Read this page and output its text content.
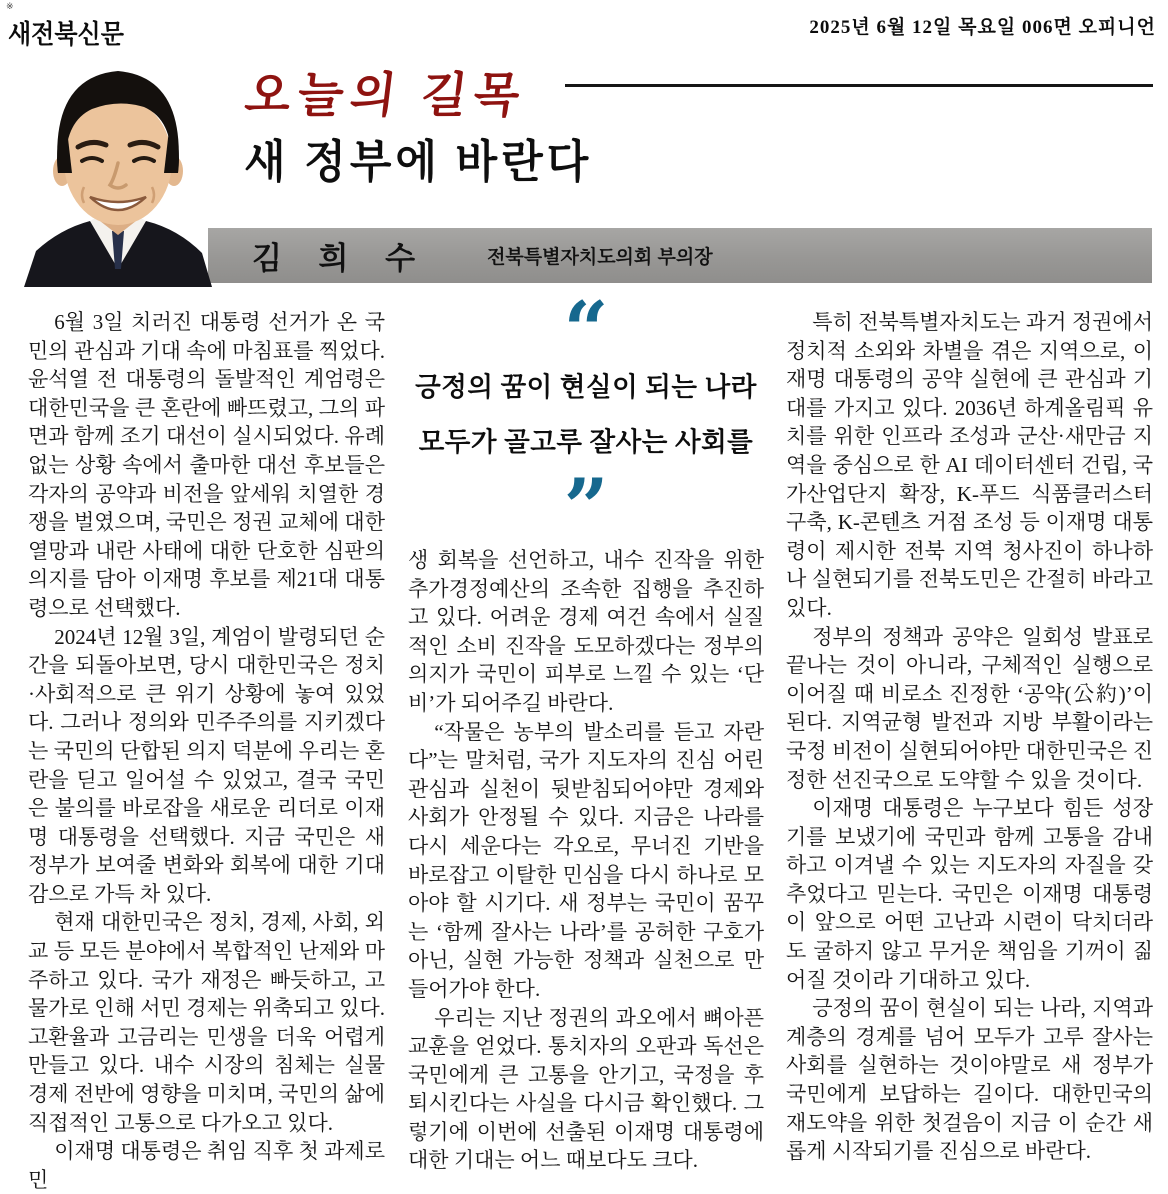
※
새전북신문	2025년 6월 12일 목요일 006면 오피니언
오늘의 길목
새 정부에 바란다
김 희 수	전북특별자치도의회 부의장

6월 3일 치러진 대통령 선거가 온 국민의 관심과 기대 속에 마침표를 찍었다. 윤석열 전 대통령의 돌발적인 계엄령은 대한민국을 큰 혼란에 빠뜨렸고, 그의 파면과 함께 조기 대선이 실시되었다. 유례없는 상황 속에서 출마한 대선 후보들은 각자의 공약과 비전을 앞세워 치열한 경쟁을 벌였으며, 국민은 정권 교체에 대한 열망과 내란 사태에 대한 단호한 심판의 의지를 담아 이재명 후보를 제21대 대통령으로 선택했다.

2024년 12월 3일, 계엄이 발령되던 순간을 되돌아보면, 당시 대한민국은 정치·사회적으로 큰 위기 상황에 놓여 있었다. 그러나 정의와 민주주의를 지키겠다는 국민의 단합된 의지 덕분에 우리는 혼란을 딛고 일어설 수 있었고, 결국 국민은 불의를 바로잡을 새로운 리더로 이재명 대통령을 선택했다. 지금 국민은 새 정부가 보여줄 변화와 회복에 대한 기대감으로 가득 차 있다.

현재 대한민국은 정치, 경제, 사회, 외교 등 모든 분야에서 복합적인 난제와 마주하고 있다. 국가 재정은 빠듯하고, 고물가로 인해 서민 경제는 위축되고 있다. 고환율과 고금리는 민생을 더욱 어렵게 만들고 있다. 내수 시장의 침체는 실물 경제 전반에 영향을 미치며, 국민의 삶에 직접적인 고통으로 다가오고 있다.

이재명 대통령은 취임 직후 첫 과제로 민

“
긍정의 꿈이 현실이 되는 나라
모두가 골고루 잘사는 사회를
”

생 회복을 선언하고, 내수 진작을 위한 추가경정예산의 조속한 집행을 추진하고 있다. 어려운 경제 여건 속에서 실질적인 소비 진작을 도모하겠다는 정부의 의지가 국민이 피부로 느낄 수 있는 ‘단비’가 되어주길 바란다.

“작물은 농부의 발소리를 듣고 자란다”는 말처럼, 국가 지도자의 진심 어린 관심과 실천이 뒷받침되어야만 경제와 사회가 안정될 수 있다. 지금은 나라를 다시 세운다는 각오로, 무너진 기반을 바로잡고 이탈한 민심을 다시 하나로 모아야 할 시기다. 새 정부는 국민이 꿈꾸는 ‘함께 잘사는 나라’를 공허한 구호가 아닌, 실현 가능한 정책과 실천으로 만들어가야 한다.

우리는 지난 정권의 과오에서 뼈아픈 교훈을 얻었다. 통치자의 오판과 독선은 국민에게 큰 고통을 안기고, 국정을 후퇴시킨다는 사실을 다시금 확인했다. 그렇기에 이번에 선출된 이재명 대통령에 대한 기대는 어느 때보다도 크다.

특히 전북특별자치도는 과거 정권에서 정치적 소외와 차별을 겪은 지역으로, 이재명 대통령의 공약 실현에 큰 관심과 기대를 가지고 있다. 2036년 하계올림픽 유치를 위한 인프라 조성과 군산·새만금 지역을 중심으로 한 AI 데이터센터 건립, 국가산업단지 확장, K-푸드 식품클러스터 구축, K-콘텐츠 거점 조성 등 이재명 대통령이 제시한 전북 지역 청사진이 하나하나 실현되기를 전북도민은 간절히 바라고 있다.

정부의 정책과 공약은 일회성 발표로 끝나는 것이 아니라, 구체적인 실행으로 이어질 때 비로소 진정한 ‘공약(公約)’이 된다. 지역균형 발전과 지방 부활이라는 국정 비전이 실현되어야만 대한민국은 진정한 선진국으로 도약할 수 있을 것이다.

이재명 대통령은 누구보다 힘든 성장기를 보냈기에 국민과 함께 고통을 감내하고 이겨낼 수 있는 지도자의 자질을 갖추었다고 믿는다. 국민은 이재명 대통령이 앞으로 어떤 고난과 시련이 닥치더라도 굴하지 않고 무거운 책임을 기꺼이 짊어질 것이라 기대하고 있다.

긍정의 꿈이 현실이 되는 나라, 지역과 계층의 경계를 넘어 모두가 고루 잘사는 사회를 실현하는 것이야말로 새 정부가 국민에게 보답하는 길이다. 대한민국의 재도약을 위한 첫걸음이 지금 이 순간 새롭게 시작되기를 진심으로 바란다.
